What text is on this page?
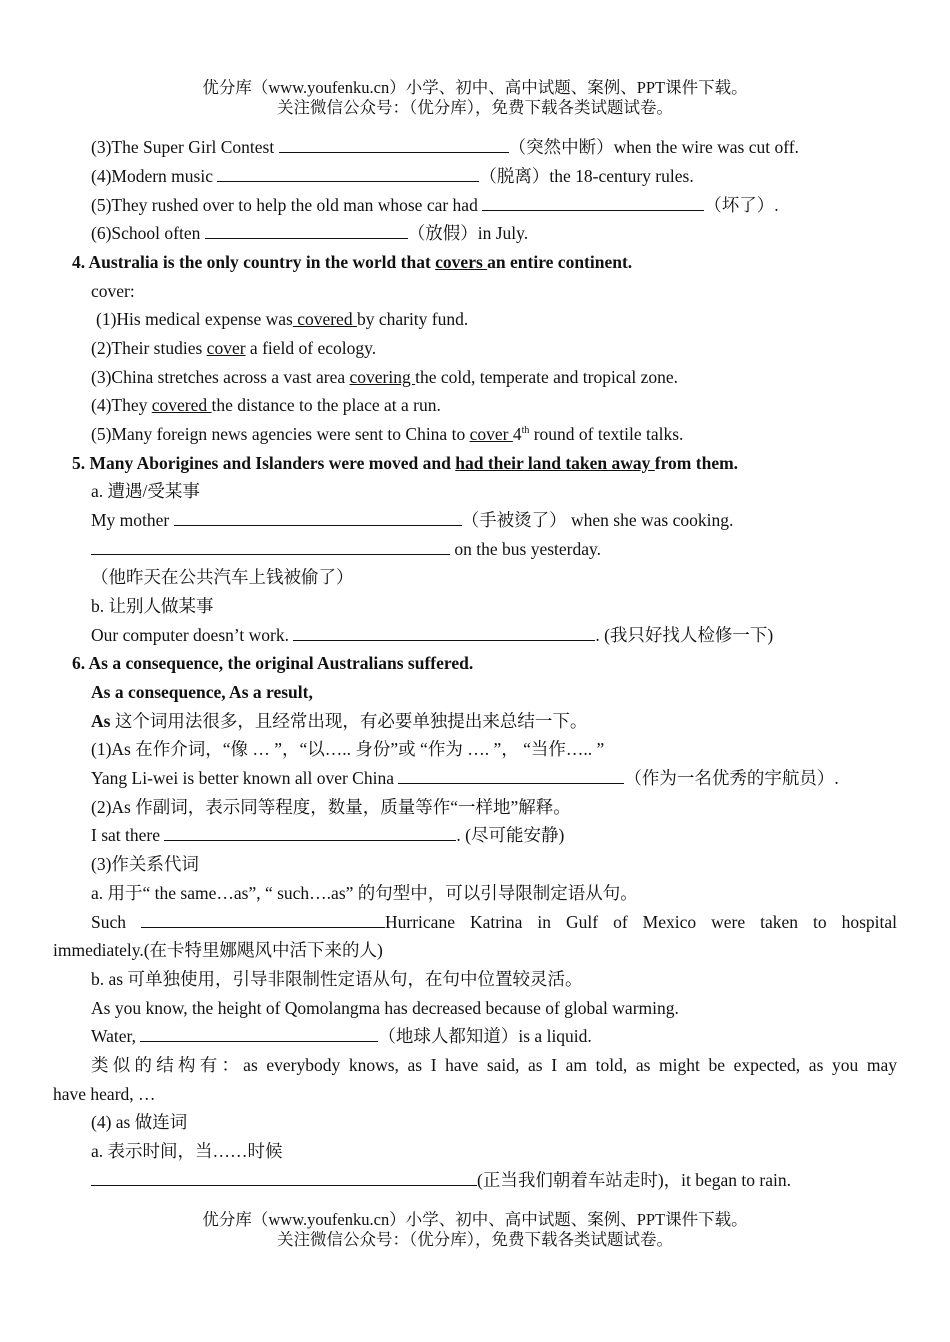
优分库（www.youfenku.cn）小学、初中、高中试题、案例、PPT课件下载。
关注微信公众号：（优分库），免费下载各类试题试卷。
(3)The Super Girl Contest	（突然中断）when the wire was cut off.
(4)Modern music	（脱离）the 18-century rules.
(5)They rushed over to help the old man whose car had	（坏了）.
(6)School often	（放假）in July.
4. Australia is the only country in the world that covers an entire continent.
cover:
(1)His medical expense was covered by charity fund.
(2)Their studies cover a field of ecology.
(3)China stretches across a vast area covering the cold, temperate and tropical zone.
(4)They covered the distance to the place at a run.
(5)Many foreign news agencies were sent to China to cover 4th round of textile talks.
5. Many Aborigines and Islanders were moved and had their land taken away from them.
a. 遭遇/受某事
My mother	（手被烫了） when she was cooking.
on the bus yesterday.
（他昨天在公共汽车上钱被偷了）
b. 让别人做某事
Our computer doesn’t work.	. (我只好找人检修一下)
6. As a consequence, the original Australians suffered.
As a consequence, As a result,
As 这个词用法很多，且经常出现，有必要单独提出来总结一下。
(1)As 在作介词，“像 … ”，“以….. 身份”或 “作为 …. ”， “当作….. ”
Yang Li-wei is better known all over China	（作为一名优秀的宇航员）.
(2)As 作副词，表示同等程度，数量，质量等作“一样地”解释。
I sat there	. (尽可能安静)
(3)作关系代词
a. 用于“ the same…as”, “ such….as” 的句型中，可以引导限制定语从句。
Such	Hurricane Katrina in Gulf of Mexico were taken to hospital
immediately.(在卡特里娜飓风中活下来的人)
b. as 可单独使用，引导非限制性定语从句，在句中位置较灵活。
As you know, the height of Qomolangma has decreased because of global warming.
Water,	（地球人都知道）is a liquid.
类似的结构有：as everybody knows, as I have said, as I am told, as might be expected, as you may
have heard, …
(4) as 做连词
a. 表示时间，当……时候
(正当我们朝着车站走时)，it began to rain.
优分库（www.youfenku.cn）小学、初中、高中试题、案例、PPT课件下载。
关注微信公众号：（优分库），免费下载各类试题试卷。
